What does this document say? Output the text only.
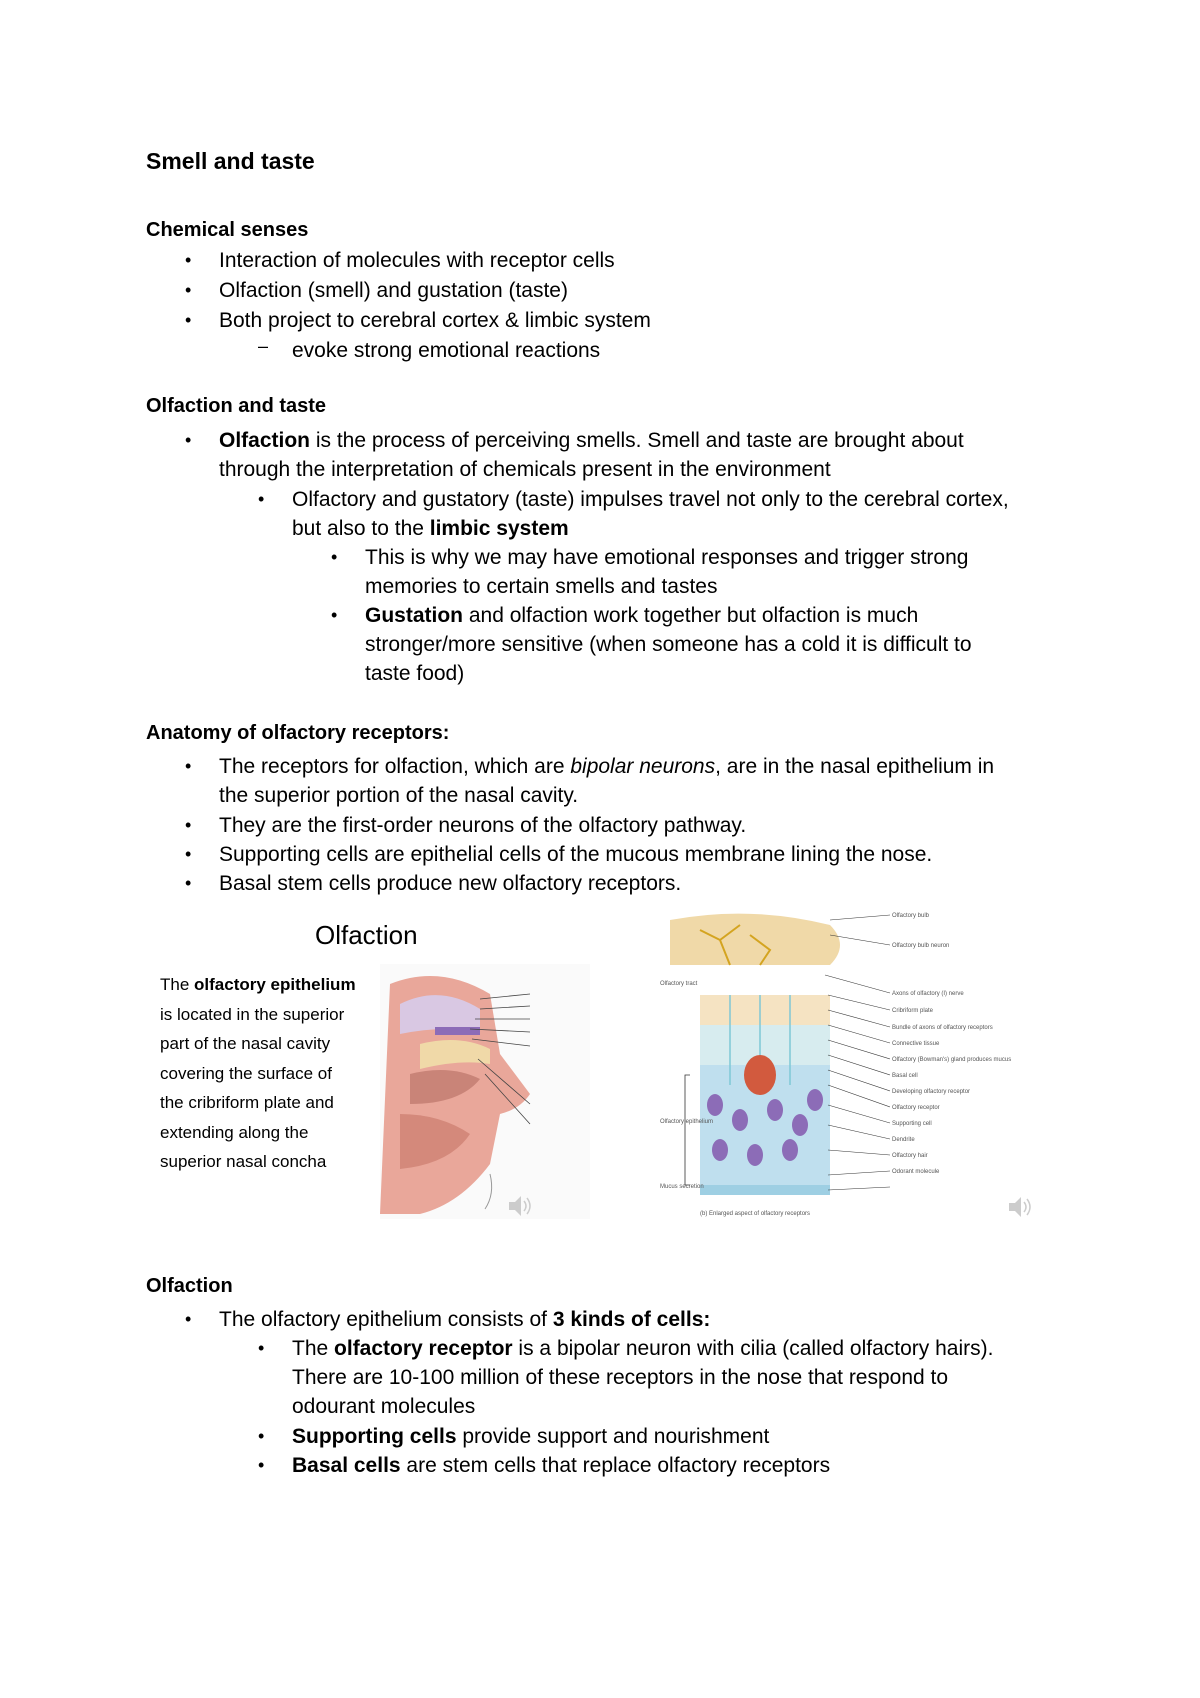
Smell and taste
Chemical senses
• Interaction of molecules with receptor cells
• Olfaction (smell) and gustation (taste)
• Both project to cerebral cortex & limbic system
– evoke strong emotional reactions
Olfaction and taste
• Olfaction is the process of perceiving smells. Smell and taste are brought about
through the interpretation of chemicals present in the environment
• Olfactory and gustatory (taste) impulses travel not only to the cerebral cortex,
but also to the limbic system
• This is why we may have emotional responses and trigger strong
memories to certain smells and tastes
• Gustation and olfaction work together but olfaction is much
stronger/more sensitive (when someone has a cold it is difficult to
taste food)
Anatomy of olfactory receptors:
• The receptors for olfaction, which are bipolar neurons, are in the nasal epithelium in
the superior portion of the nasal cavity.
• They are the first-order neurons of the olfactory pathway.
• Supporting cells are epithelial cells of the mucous membrane lining the nose.
• Basal stem cells produce new olfactory receptors.
Olfaction
The olfactory epithelium is located in the superior part of the nasal cavity covering the surface of the cribriform plate and extending along the superior nasal concha
Olfactory bulb
Olfactory bulb neuron
Axons of olfactory (I) nerve
Cribriform plate
Bundle of axons of olfactory receptors
Connective tissue
Olfactory (Bowman's) gland produces mucus
Basal cell
Developing olfactory receptor
Olfactory receptor
Supporting cell
Dendrite
Olfactory hair
Odorant molecule
Olfactory tract
Olfactory epithelium
Mucus secretion
(b) Enlarged aspect of olfactory receptors
Olfaction
• The olfactory epithelium consists of 3 kinds of cells:
• The olfactory receptor is a bipolar neuron with cilia (called olfactory hairs).
There are 10-100 million of these receptors in the nose that respond to
odourant molecules
• Supporting cells provide support and nourishment
• Basal cells are stem cells that replace olfactory receptors
